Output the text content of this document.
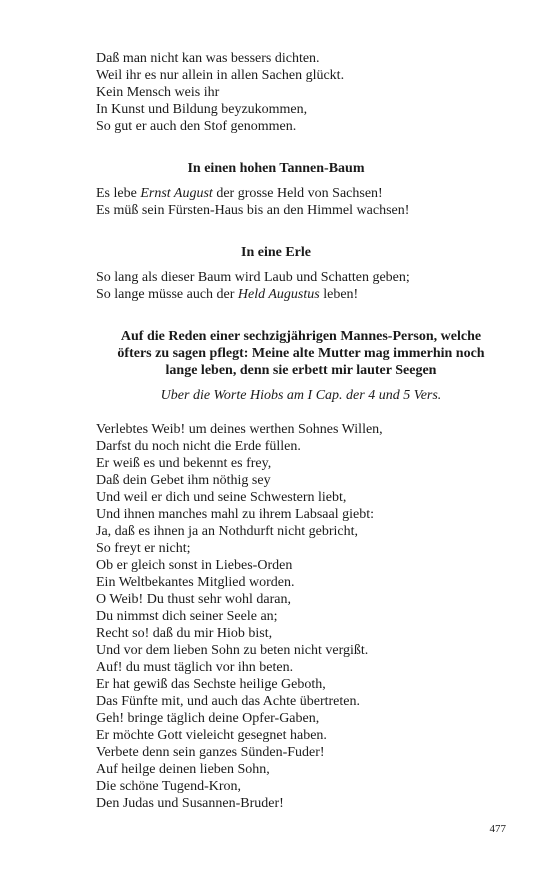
Daß man nicht kan was bessers dichten.
Weil ihr es nur allein in allen Sachen glückt.
Kein Mensch weis ihr
In Kunst und Bildung beyzukommen,
So gut er auch den Stof genommen.
In einen hohen Tannen-Baum
Es lebe Ernst August der grosse Held von Sachsen!
Es müß sein Fürsten-Haus bis an den Himmel wachsen!
In eine Erle
So lang als dieser Baum wird Laub und Schatten geben;
So lange müsse auch der Held Augustus leben!
Auf die Reden einer sechzigjährigen Mannes-Person, welche
öfters zu sagen pflegt: Meine alte Mutter mag immerhin noch
lange leben, denn sie erbett mir lauter Seegen
Uber die Worte Hiobs am I Cap. der 4 und 5 Vers.
Verlebtes Weib! um deines werthen Sohnes Willen,
Darfst du noch nicht die Erde füllen.
Er weiß es und bekennt es frey,
Daß dein Gebet ihm nöthig sey
Und weil er dich und seine Schwestern liebt,
Und ihnen manches mahl zu ihrem Labsaal giebt:
Ja, daß es ihnen ja an Nothdurft nicht gebricht,
So freyt er nicht;
Ob er gleich sonst in Liebes-Orden
Ein Weltbekantes Mitglied worden.
O Weib! Du thust sehr wohl daran,
Du nimmst dich seiner Seele an;
Recht so! daß du mir Hiob bist,
Und vor dem lieben Sohn zu beten nicht vergißt.
Auf! du must täglich vor ihn beten.
Er hat gewiß das Sechste heilige Geboth,
Das Fünfte mit, und auch das Achte übertreten.
Geh! bringe täglich deine Opfer-Gaben,
Er möchte Gott vieleicht gesegnet haben.
Verbete denn sein ganzes Sünden-Fuder!
Auf heilge deinen lieben Sohn,
Die schöne Tugend-Kron,
Den Judas und Susannen-Bruder!
477
